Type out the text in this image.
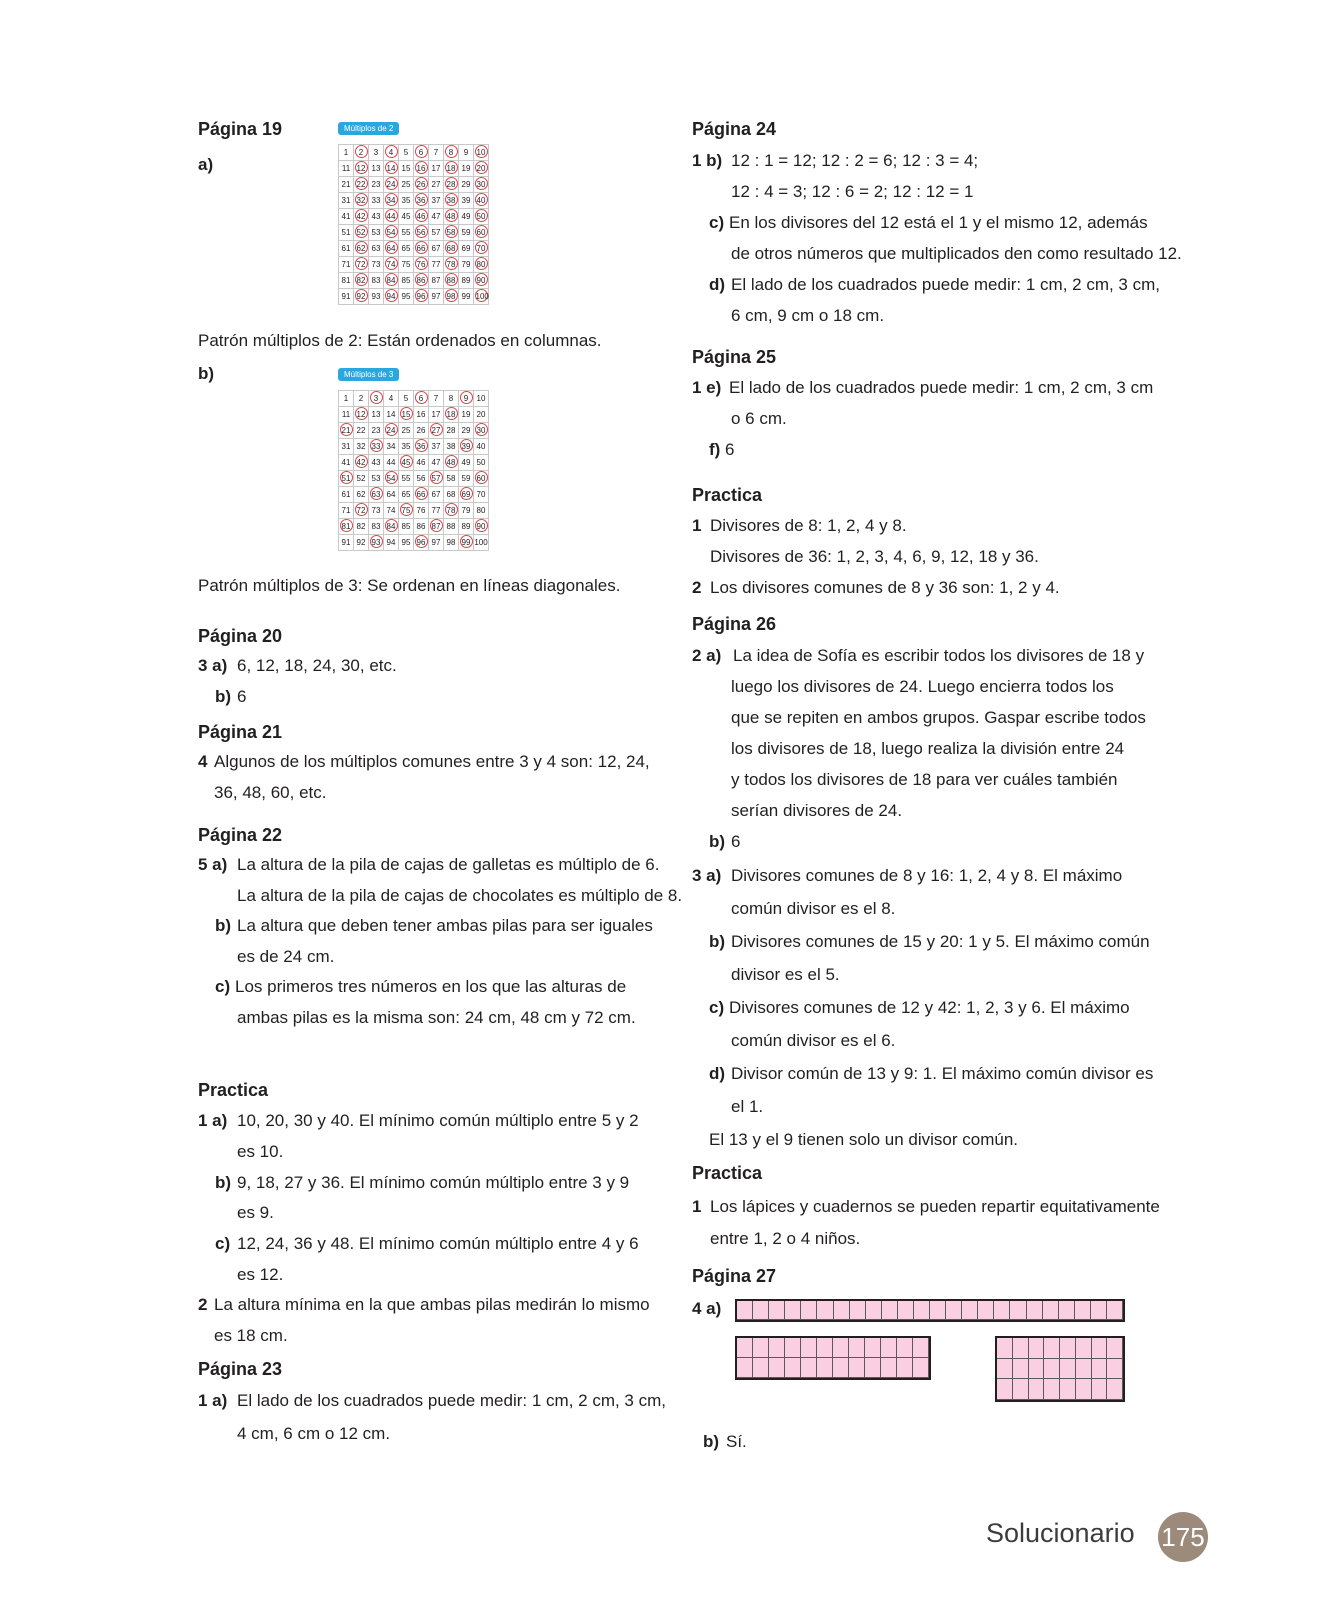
Página 19
a)
Múltiplos de 2
1	2	3	4	5	6	7	8	9	10
11	12	13	14	15	16	17	18	19	20
21	22	23	24	25	26	27	28	29	30
31	32	33	34	35	36	37	38	39	40
41	42	43	44	45	46	47	48	49	50
51	52	53	54	55	56	57	58	59	60
61	62	63	64	65	66	67	68	69	70
71	72	73	74	75	76	77	78	79	80
81	82	83	84	85	86	87	88	89	90
91	92	93	94	95	96	97	98	99	100
Patrón múltiplos de 2: Están ordenados en columnas.
b)	Múltiplos de 3
1	2	3	4	5	6	7	8	9	10
11	12	13	14	15	16	17	18	19	20
21	22	23	24	25	26	27	28	29	30
31	32	33	34	35	36	37	38	39	40
41	42	43	44	45	46	47	48	49	50
51	52	53	54	55	56	57	58	59	60
61	62	63	64	65	66	67	68	69	70
71	72	73	74	75	76	77	78	79	80
81	82	83	84	85	86	87	88	89	90
91	92	93	94	95	96	97	98	99	100
Patrón múltiplos de 3: Se ordenan en líneas diagonales.
Página 20
3 a) 6, 12, 18, 24, 30, etc.
b) 6
Página 21
4 Algunos de los múltiplos comunes entre 3 y 4 son: 12, 24,
36, 48, 60, etc.
Página 22
5 a) La altura de la pila de cajas de galletas es múltiplo de 6.
La altura de la pila de cajas de chocolates es múltiplo de 8.
b) La altura que deben tener ambas pilas para ser iguales
es de 24 cm.
c) Los primeros tres números en los que las alturas de
ambas pilas es la misma son: 24 cm, 48 cm y 72 cm.
Practica
1 a) 10, 20, 30 y 40. El mínimo común múltiplo entre 5 y 2
es 10.
b) 9, 18, 27 y 36. El mínimo común múltiplo entre 3 y 9
es 9.
c) 12, 24, 36 y 48. El mínimo común múltiplo entre 4 y 6
es 12.
2 La altura mínima en la que ambas pilas medirán lo mismo
es 18 cm.
Página 23
1 a) El lado de los cuadrados puede medir: 1 cm, 2 cm, 3 cm,
4 cm, 6 cm o 12 cm.
Página 24
1 b) 12 : 1 = 12; 12 : 2 = 6; 12 : 3 = 4;
12 : 4 = 3; 12 : 6 = 2; 12 : 12 = 1
c) En los divisores del 12 está el 1 y el mismo 12, además
de otros números que multiplicados den como resultado 12.
d) El lado de los cuadrados puede medir: 1 cm, 2 cm, 3 cm,
6 cm, 9 cm o 18 cm.
Página 25
1 e) El lado de los cuadrados puede medir: 1 cm, 2 cm, 3 cm
o 6 cm.
f) 6
Practica
1 Divisores de 8: 1, 2, 4 y 8.
Divisores de 36: 1, 2, 3, 4, 6, 9, 12, 18 y 36.
2 Los divisores comunes de 8 y 36 son: 1, 2 y 4.
Página 26
2 a) La idea de Sofía es escribir todos los divisores de 18 y
luego los divisores de 24. Luego encierra todos los
que se repiten en ambos grupos. Gaspar escribe todos
los divisores de 18, luego realiza la división entre 24
y todos los divisores de 18 para ver cuáles también
serían divisores de 24.
b) 6
3 a) Divisores comunes de 8 y 16: 1, 2, 4 y 8. El máximo
común divisor es el 8.
b) Divisores comunes de 15 y 20: 1 y 5. El máximo común
divisor es el 5.
c) Divisores comunes de 12 y 42: 1, 2, 3 y 6. El máximo
común divisor es el 6.
d) Divisor común de 13 y 9: 1. El máximo común divisor es
el 1.
El 13 y el 9 tienen solo un divisor común.
Practica
1 Los lápices y cuadernos se pueden repartir equitativamente
entre 1, 2 o 4 niños.
Página 27
4 a)
b) Sí.
Solucionario 175
